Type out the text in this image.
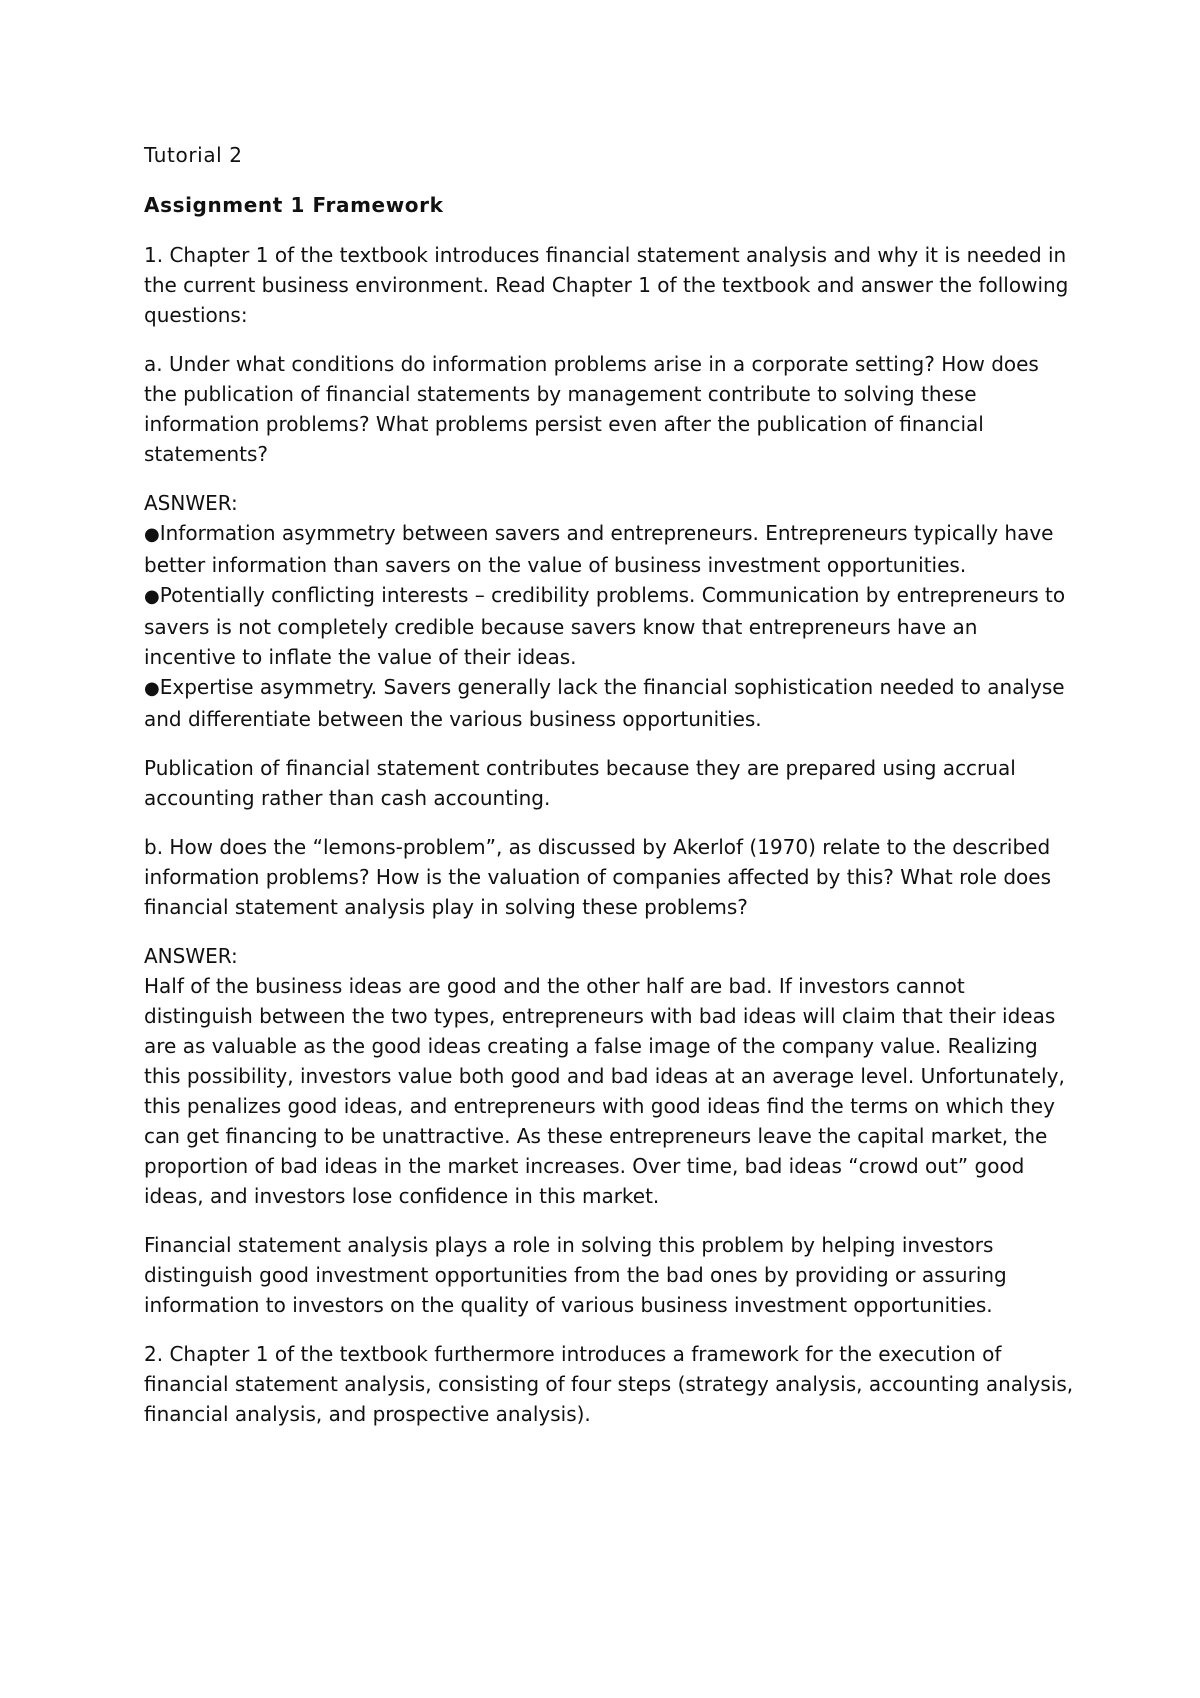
Tutorial 2
Assignment 1 Framework

1. Chapter 1 of the textbook introduces financial statement analysis and why it is needed in the current business environment. Read Chapter 1 of the textbook and answer the following questions:

a. Under what conditions do information problems arise in a corporate setting? How does the publication of financial statements by management contribute to solving these information problems? What problems persist even after the publication of financial statements?

ASNWER:

●Information asymmetry between savers and entrepreneurs. Entrepreneurs typically have better information than savers on the value of business investment opportunities.

●Potentially conflicting interests – credibility problems. Communication by entrepreneurs to savers is not completely credible because savers know that entrepreneurs have an incentive to inflate the value of their ideas.

●Expertise asymmetry. Savers generally lack the financial sophistication needed to analyse and differentiate between the various business opportunities.

Publication of financial statement contributes because they are prepared using accrual accounting rather than cash accounting.

b. How does the “lemons-problem”, as discussed by Akerlof (1970) relate to the described information problems? How is the valuation of companies affected by this? What role does financial statement analysis play in solving these problems?

ANSWER:

Half of the business ideas are good and the other half are bad. If investors cannot distinguish between the two types, entrepreneurs with bad ideas will claim that their ideas are as valuable as the good ideas creating a false image of the company value. Realizing this possibility, investors value both good and bad ideas at an average level. Unfortunately, this penalizes good ideas, and entrepreneurs with good ideas find the terms on which they can get financing to be unattractive. As these entrepreneurs leave the capital market, the proportion of bad ideas in the market increases. Over time, bad ideas “crowd out” good ideas, and investors lose confidence in this market.

Financial statement analysis plays a role in solving this problem by helping investors distinguish good investment opportunities from the bad ones by providing or assuring information to investors on the quality of various business investment opportunities.

2. Chapter 1 of the textbook furthermore introduces a framework for the execution of financial statement analysis, consisting of four steps (strategy analysis, accounting analysis, financial analysis, and prospective analysis).
